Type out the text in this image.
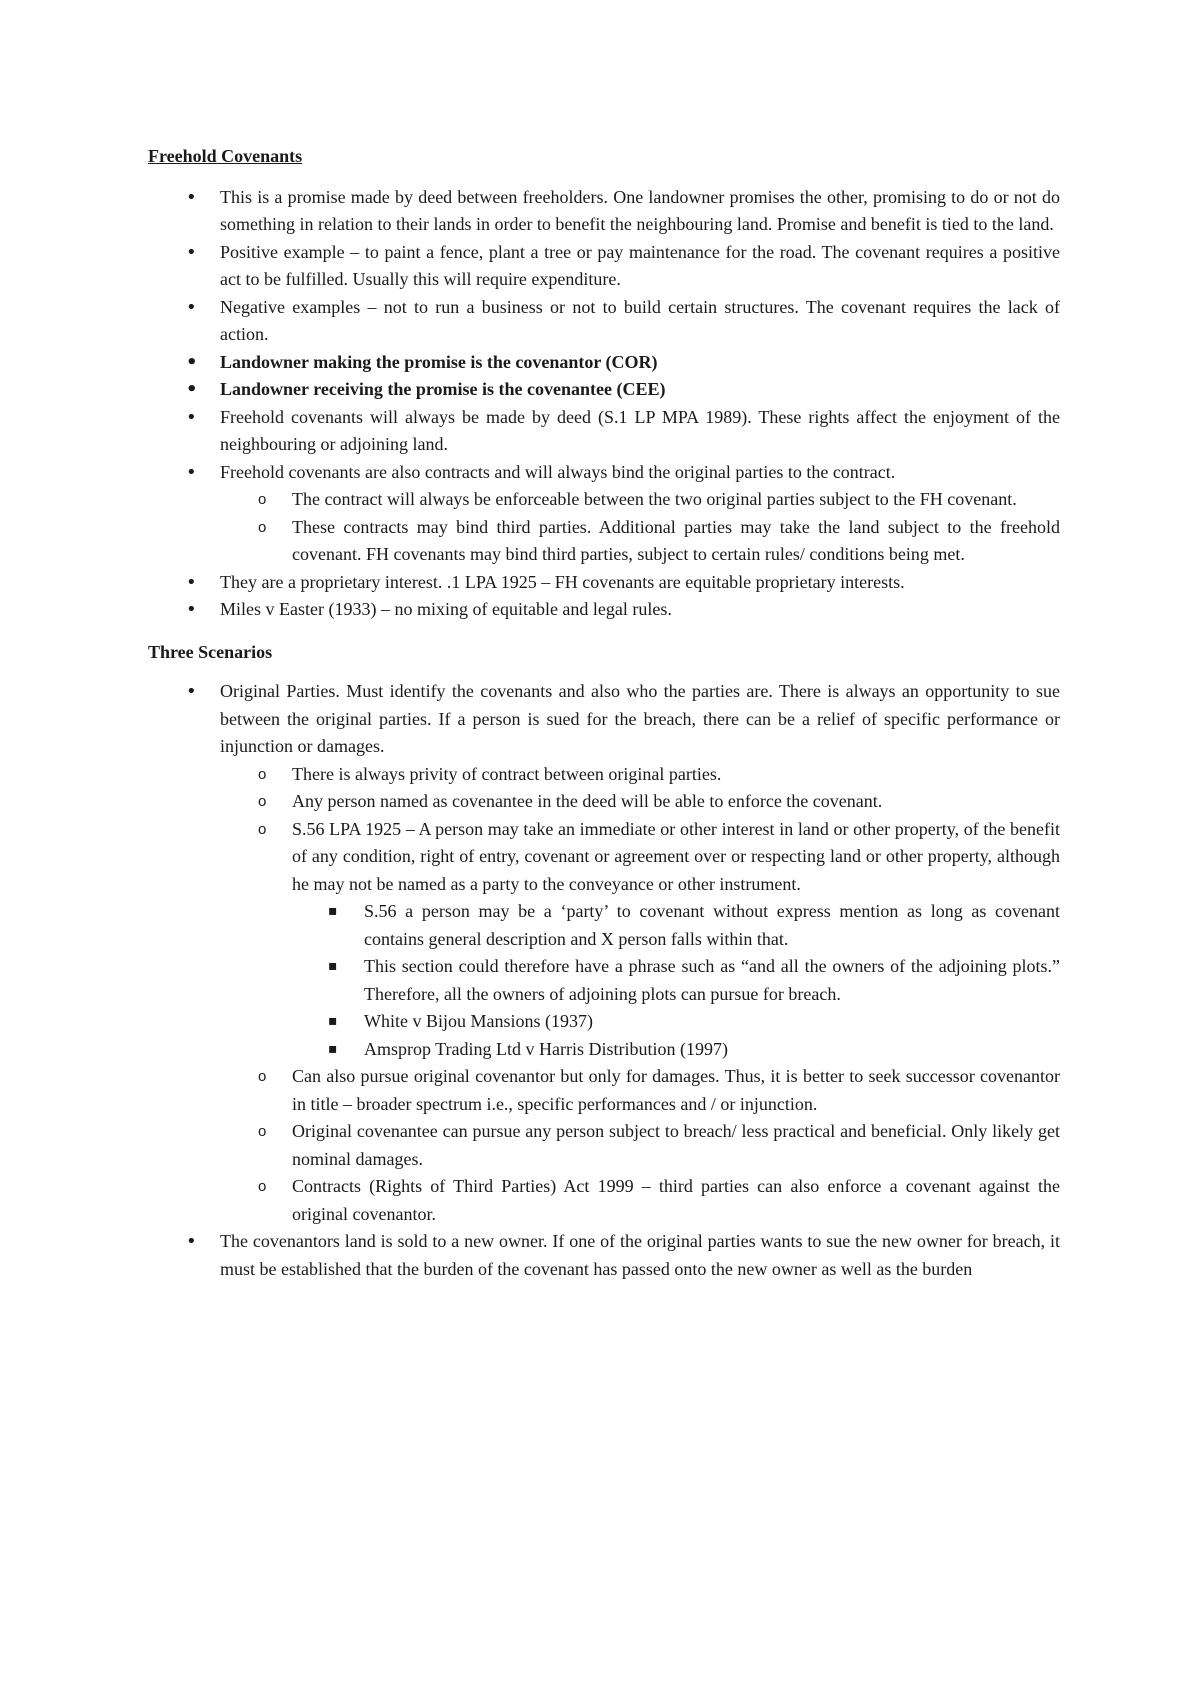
Freehold Covenants
• This is a promise made by deed between freeholders. One landowner promises the other, promising to do or not do something in relation to their lands in order to benefit the neighbouring land. Promise and benefit is tied to the land.
• Positive example – to paint a fence, plant a tree or pay maintenance for the road. The covenant requires a positive act to be fulfilled. Usually this will require expenditure.
• Negative examples – not to run a business or not to build certain structures. The covenant requires the lack of action.
• Landowner making the promise is the covenantor (COR)
• Landowner receiving the promise is the covenantee (CEE)
• Freehold covenants will always be made by deed (S.1 LP MPA 1989). These rights affect the enjoyment of the neighbouring or adjoining land.
• Freehold covenants are also contracts and will always bind the original parties to the contract.
o The contract will always be enforceable between the two original parties subject to the FH covenant.
o These contracts may bind third parties. Additional parties may take the land subject to the freehold covenant. FH covenants may bind third parties, subject to certain rules/ conditions being met.
• They are a proprietary interest. .1 LPA 1925 – FH covenants are equitable proprietary interests.
• Miles v Easter (1933) – no mixing of equitable and legal rules.
Three Scenarios
• Original Parties. Must identify the covenants and also who the parties are. There is always an opportunity to sue between the original parties. If a person is sued for the breach, there can be a relief of specific performance or injunction or damages.
o There is always privity of contract between original parties.
o Any person named as covenantee in the deed will be able to enforce the covenant.
o S.56 LPA 1925 – A person may take an immediate or other interest in land or other property, of the benefit of any condition, right of entry, covenant or agreement over or respecting land or other property, although he may not be named as a party to the conveyance or other instrument.
▪ S.56 a person may be a ‘party’ to covenant without express mention as long as covenant contains general description and X person falls within that.
▪ This section could therefore have a phrase such as “and all the owners of the adjoining plots.” Therefore, all the owners of adjoining plots can pursue for breach.
▪ White v Bijou Mansions (1937)
▪ Amsprop Trading Ltd v Harris Distribution (1997)
o Can also pursue original covenantor but only for damages. Thus, it is better to seek successor covenantor in title – broader spectrum i.e., specific performances and / or injunction.
o Original covenantee can pursue any person subject to breach/ less practical and beneficial. Only likely get nominal damages.
o Contracts (Rights of Third Parties) Act 1999 – third parties can also enforce a covenant against the original covenantor.
• The covenantors land is sold to a new owner. If one of the original parties wants to sue the new owner for breach, it must be established that the burden of the covenant has passed onto the new owner as well as the burden
